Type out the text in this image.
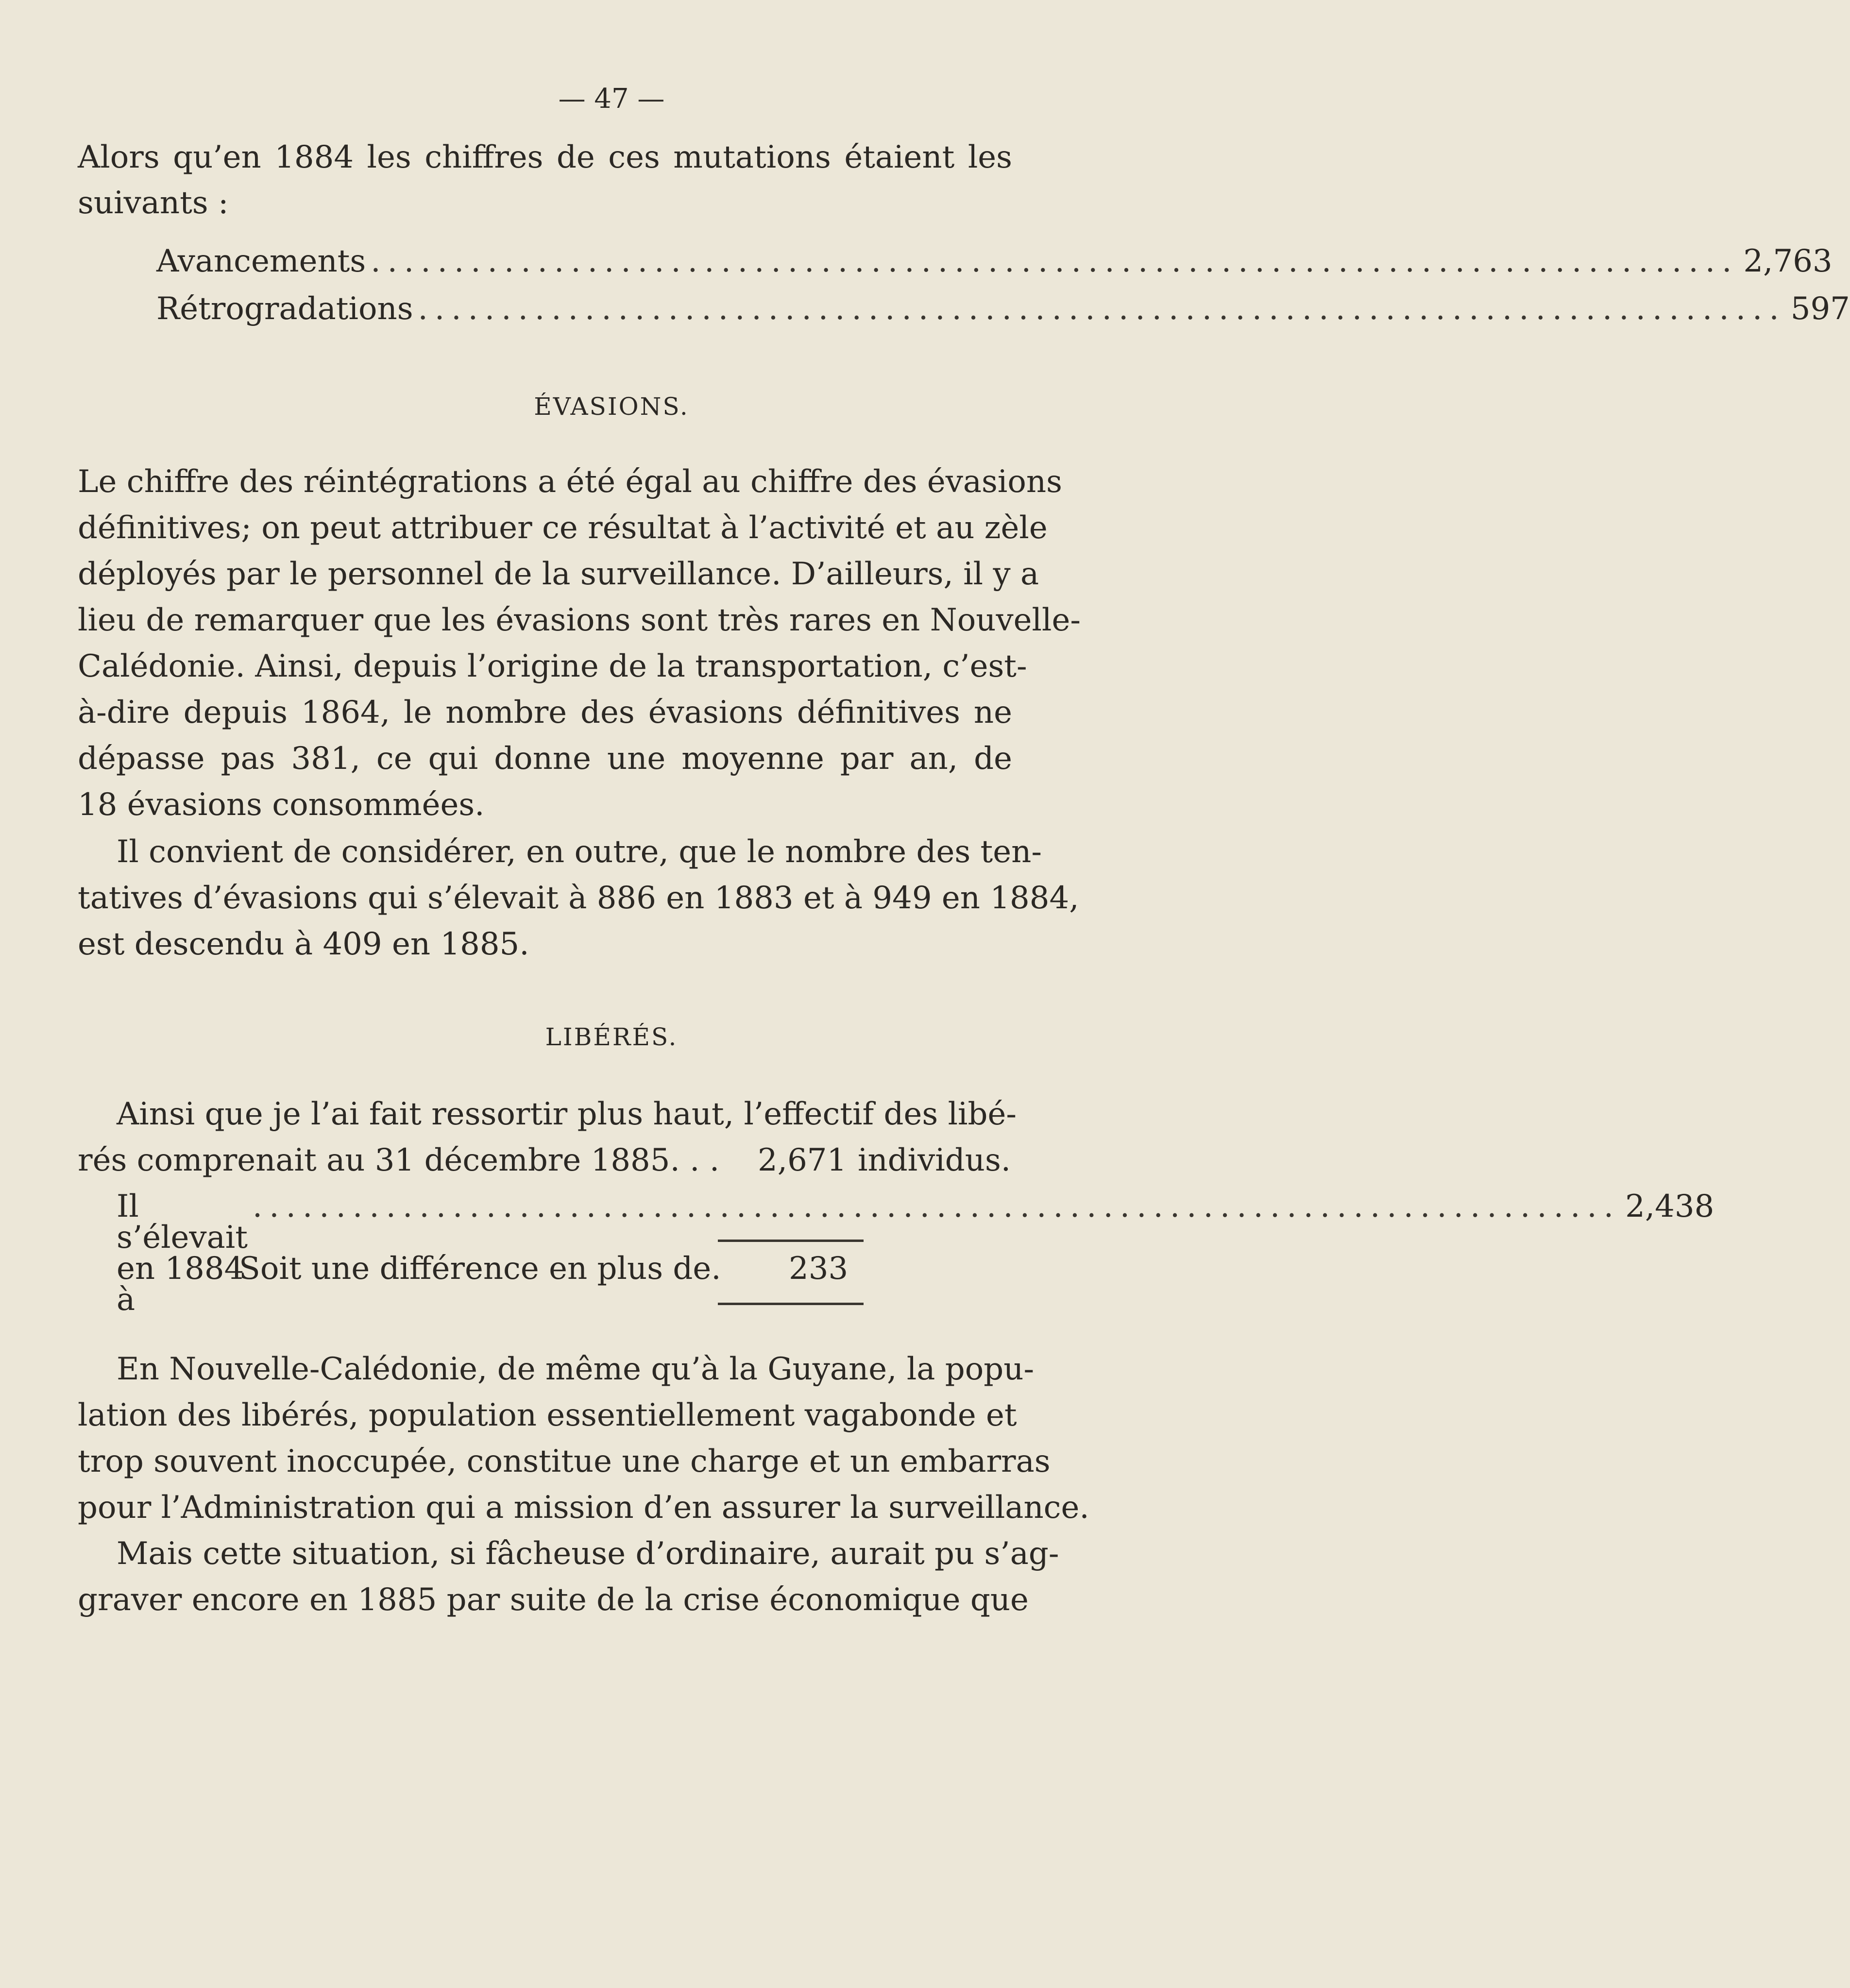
— 47 —
Alors qu’en 1884 les chiffres de ces mutations étaient les
suivants :
Avancements .................................................................................. 2,763
Rétrogradations .................................................................................. 597
ÉVASIONS.
Le chiffre des réintégrations a été égal au chiffre des évasions
définitives; on peut attribuer ce résultat à l’activité et au zèle
déployés par le personnel de la surveillance. D’ailleurs, il y a
lieu de remarquer que les évasions sont très rares en Nouvelle-
Calédonie. Ainsi, depuis l’origine de la transportation, c’est-
à-dire depuis 1864, le nombre des évasions définitives ne
dépasse pas 381, ce qui donne une moyenne par an, de
18 évasions consommées.
Il convient de considérer, en outre, que le nombre des ten-
tatives d’évasions qui s’élevait à 886 en 1883 et à 949 en 1884,
est descendu à 409 en 1885.
LIBÉRÉS.
Ainsi que je l’ai fait ressortir plus haut, l’effectif des libé-
rés comprenait au 31 décembre 1885. . . 2,671 individus.
Il s’élevait en 1884 à
.................................................................................. 2,438
Soit une différence en plus de. 233
En Nouvelle-Calédonie, de même qu’à la Guyane, la popu-
lation des libérés, population essentiellement vagabonde et
trop souvent inoccupée, constitue une charge et un embarras
pour l’Administration qui a mission d’en assurer la surveillance.
Mais cette situation, si fâcheuse d’ordinaire, aurait pu s’ag-
graver encore en 1885 par suite de la crise économique que
